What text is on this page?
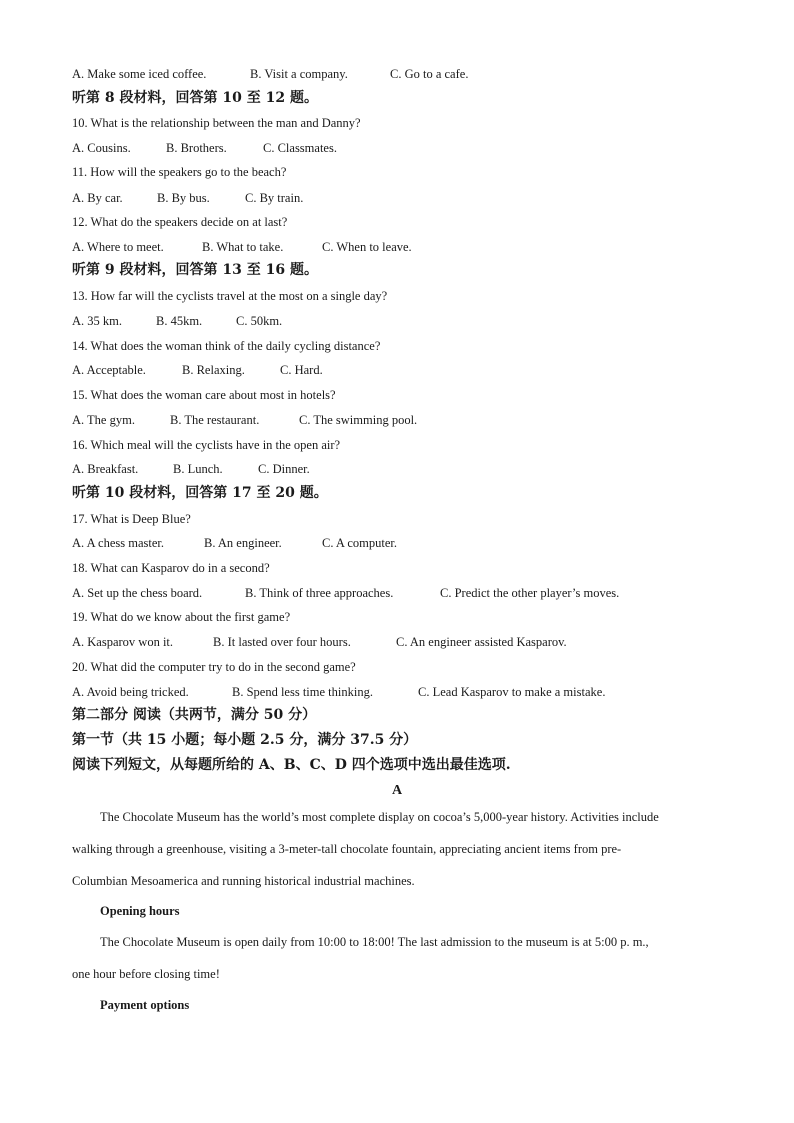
A. Make some iced coffee.	B. Visit a company.	C. Go to a cafe.
听第 8 段材料，回答第 10 至 12 题。
10. What is the relationship between the man and Danny?
A. Cousins.	B. Brothers.	C. Classmates.
11. How will the speakers go to the beach?
A. By car.	B. By bus.	C. By train.
12. What do the speakers decide on at last?
A. Where to meet.	B. What to take.	C. When to leave.
听第 9 段材料，回答第 13 至 16 题。
13. How far will the cyclists travel at the most on a single day?
A. 35 km.	B. 45km.	C. 50km.
14. What does the woman think of the daily cycling distance?
A. Acceptable.	B. Relaxing.	C. Hard.
15. What does the woman care about most in hotels?
A. The gym.	B. The restaurant.	C. The swimming pool.
16. Which meal will the cyclists have in the open air?
A. Breakfast.	B. Lunch.	C. Dinner.
听第 10 段材料，回答第 17 至 20 题。
17. What is Deep Blue?
A. A chess master.	B. An engineer.	C. A computer.
18. What can Kasparov do in a second?
A. Set up the chess board.	B. Think of three approaches.	C. Predict the other player’s moves.
19. What do we know about the first game?
A. Kasparov won it.	B. It lasted over four hours.	C. An engineer assisted Kasparov.
20. What did the computer try to do in the second game?
A. Avoid being tricked.	B. Spend less time thinking.	C. Lead Kasparov to make a mistake.
第二部分 阅读（共两节，满分 50 分）
第一节（共 15 小题；每小题 2.5 分，满分 37.5 分）
阅读下列短文，从每题所给的 A、B、C、D 四个选项中选出最佳选项.
A
The Chocolate Museum has the world’s most complete display on cocoa’s 5,000-year history. Activities include
walking through a greenhouse, visiting a 3-meter-tall chocolate fountain, appreciating ancient items from pre-
Columbian Mesoamerica and running historical industrial machines.
Opening hours
The Chocolate Museum is open daily from 10:00 to 18:00! The last admission to the museum is at 5:00 p. m.,
one hour before closing time!
Payment options
